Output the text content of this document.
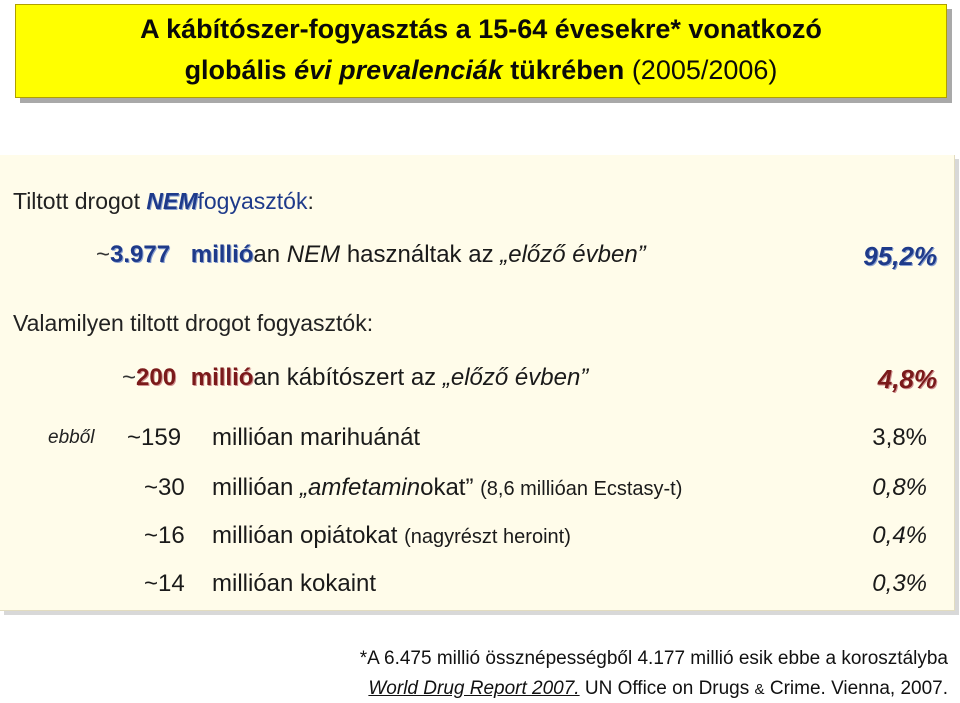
A kábítószer-fogyasztás a 15-64 évesekre* vonatkozó
globális évi prevalenciák tükrében (2005/2006)
Tiltott drogot NEMfogyasztók:
~3.977 millióan NEM használtak az „előző évben”	95,2%
Valamilyen tiltott drogot fogyasztók:
~200 millióan kábítószert az „előző évben”	4,8%
ebből ~159 millióan marihuánát	3,8%
~30 millióan „amfetaminokat” (8,6 millióan Ecstasy-t)	0,8%
~16 millióan opiátokat (nagyrészt heroint)	0,4%
~14 millióan kokaint	0,3%
*A 6.475 millió össznépességből 4.177 millió esik ebbe a korosztályba
World Drug Report 2007. UN Office on Drugs & Crime. Vienna, 2007.
